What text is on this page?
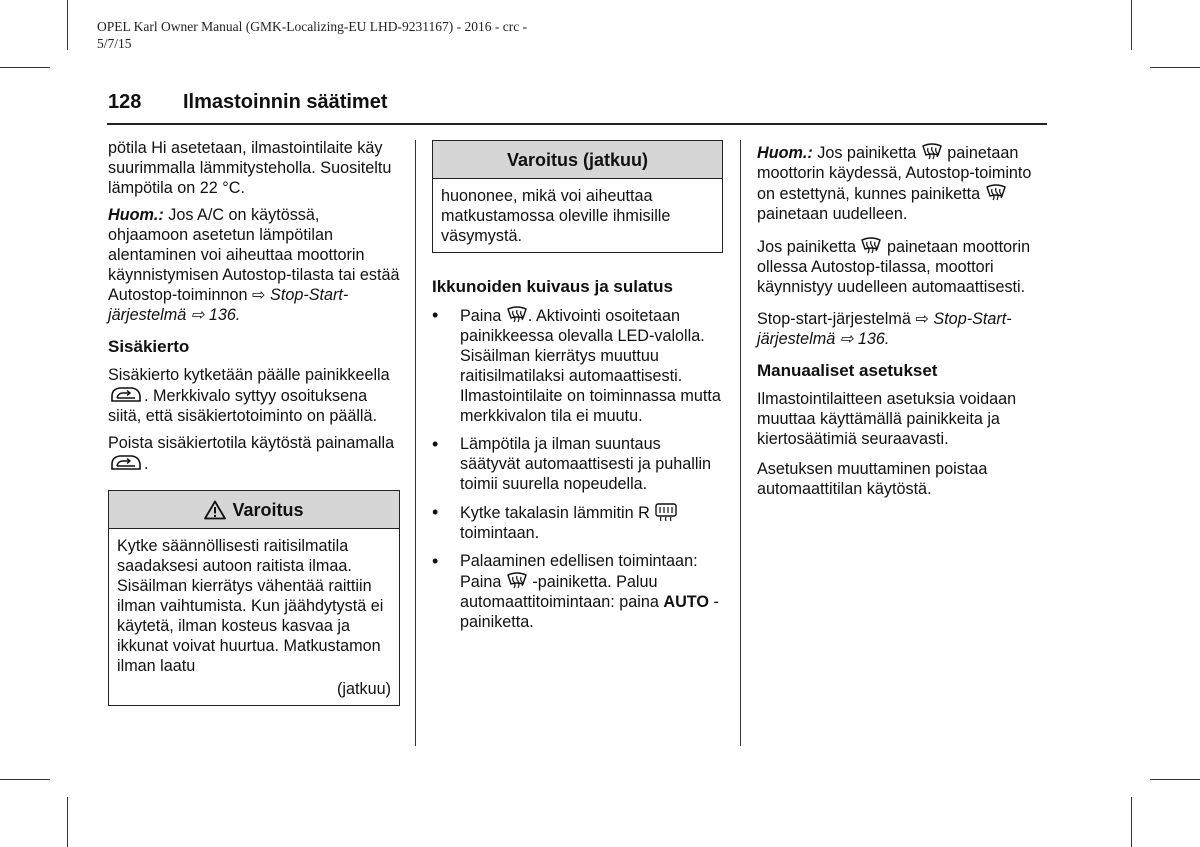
OPEL Karl Owner Manual (GMK-Localizing-EU LHD-9231167) - 2016 - crc -
5/7/15
128 Ilmastoinnin säätimet

pötila Hi asetetaan, ilmastointilaite käy suurimmalla lämmitysteholla. Suositeltu lämpötila on 22 °C.

Huom.: Jos A/C on käytössä, ohjaamoon asetetun lämpötilan alentaminen voi aiheuttaa moottorin käynnistymisen Autostop-tilasta tai estää Autostop-toiminnon ⇨ Stop-Start-järjestelmä ⇨ 136.

Sisäkierto

Sisäkierto kytketään päälle painikkeella . Merkkivalo syttyy osoituksena siitä, että sisäkiertotoiminto on päällä.

Poista sisäkiertotila käytöstä painamalla .

Varoitus
Kytke säännöllisesti raitisilmatila saadaksesi autoon raitista ilmaa. Sisäilman kierrätys vähentää raittiin ilman vaihtumista. Kun jäähdytystä ei käytetä, ilman kosteus kasvaa ja ikkunat voivat huurtua. Matkustamon ilman laatu
(jatkuu)
Varoitus (jatkuu)
huononee, mikä voi aiheuttaa matkustamossa oleville ihmisille väsymystä.
Ikkunoiden kuivaus ja sulatus
• Paina . Aktivointi osoitetaan painikkeessa olevalla LED-valolla. Sisäilman kierrätys muuttuu raitisilmatilaksi automaattisesti. Ilmastointilaite on toiminnassa mutta merkkivalon tila ei muutu.
• Lämpötila ja ilman suuntaus säätyvät automaattisesti ja puhallin toimii suurella nopeudella.
• Kytke takalasin lämmitin R  toimintaan.
• Palaaminen edellisen toimintaan: Paina  -painiketta. Paluu automaattitoimintaan: paina AUTO -painiketta.

Huom.: Jos painiketta  painetaan moottorin käydessä, Autostop-toiminto on estettynä, kunnes painiketta  painetaan uudelleen.

Jos painiketta  painetaan moottorin ollessa Autostop-tilassa, moottori käynnistyy uudelleen automaattisesti.

Stop-start-järjestelmä ⇨ Stop-Start-järjestelmä ⇨ 136.

Manuaaliset asetukset

Ilmastointilaitteen asetuksia voidaan muuttaa käyttämällä painikkeita ja kiertosäätimiä seuraavasti.

Asetuksen muuttaminen poistaa automaattitilan käytöstä.
